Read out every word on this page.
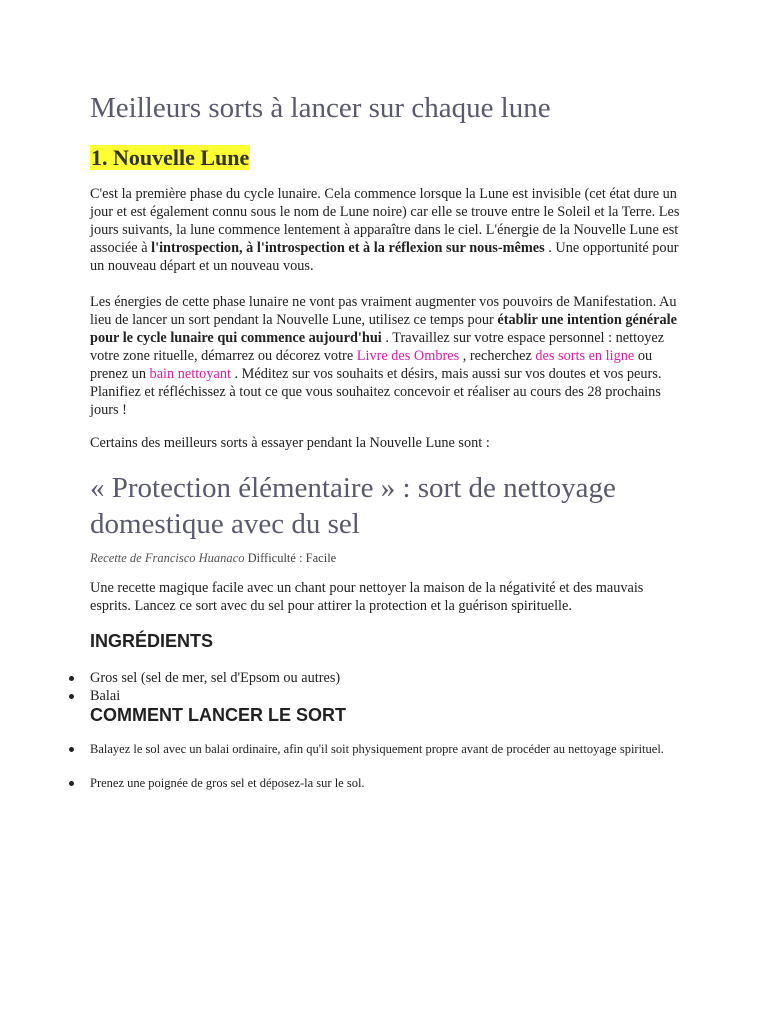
Meilleurs sorts à lancer sur chaque lune
1. Nouvelle Lune

C'est la première phase du cycle lunaire. Cela commence lorsque la Lune est invisible (cet état dure un jour et est également connu sous le nom de Lune noire) car elle se trouve entre le Soleil et la Terre. Les jours suivants, la lune commence lentement à apparaître dans le ciel. L'énergie de la Nouvelle Lune est associée à l'introspection, à l'introspection et à la réflexion sur nous-mêmes . Une opportunité pour un nouveau départ et un nouveau vous.

Les énergies de cette phase lunaire ne vont pas vraiment augmenter vos pouvoirs de Manifestation. Au lieu de lancer un sort pendant la Nouvelle Lune, utilisez ce temps pour établir une intention générale pour le cycle lunaire qui commence aujourd'hui . Travaillez sur votre espace personnel : nettoyez votre zone rituelle, démarrez ou décorez votre Livre des Ombres , recherchez des sorts en ligne ou prenez un bain nettoyant . Méditez sur vos souhaits et désirs, mais aussi sur vos doutes et vos peurs. Planifiez et réfléchissez à tout ce que vous souhaitez concevoir et réaliser au cours des 28 prochains jours !

Certains des meilleurs sorts à essayer pendant la Nouvelle Lune sont :

« Protection élémentaire » : sort de nettoyage domestique avec du sel

Recette de Francisco Huanaco Difficulté : Facile

Une recette magique facile avec un chant pour nettoyer la maison de la négativité et des mauvais esprits. Lancez ce sort avec du sel pour attirer la protection et la guérison spirituelle.

INGRÉDIENTS
Gros sel (sel de mer, sel d'Epsom ou autres)
Balai
COMMENT LANCER LE SORT
Balayez le sol avec un balai ordinaire, afin qu'il soit physiquement propre avant de procéder au nettoyage spirituel.
Prenez une poignée de gros sel et déposez-la sur le sol.
